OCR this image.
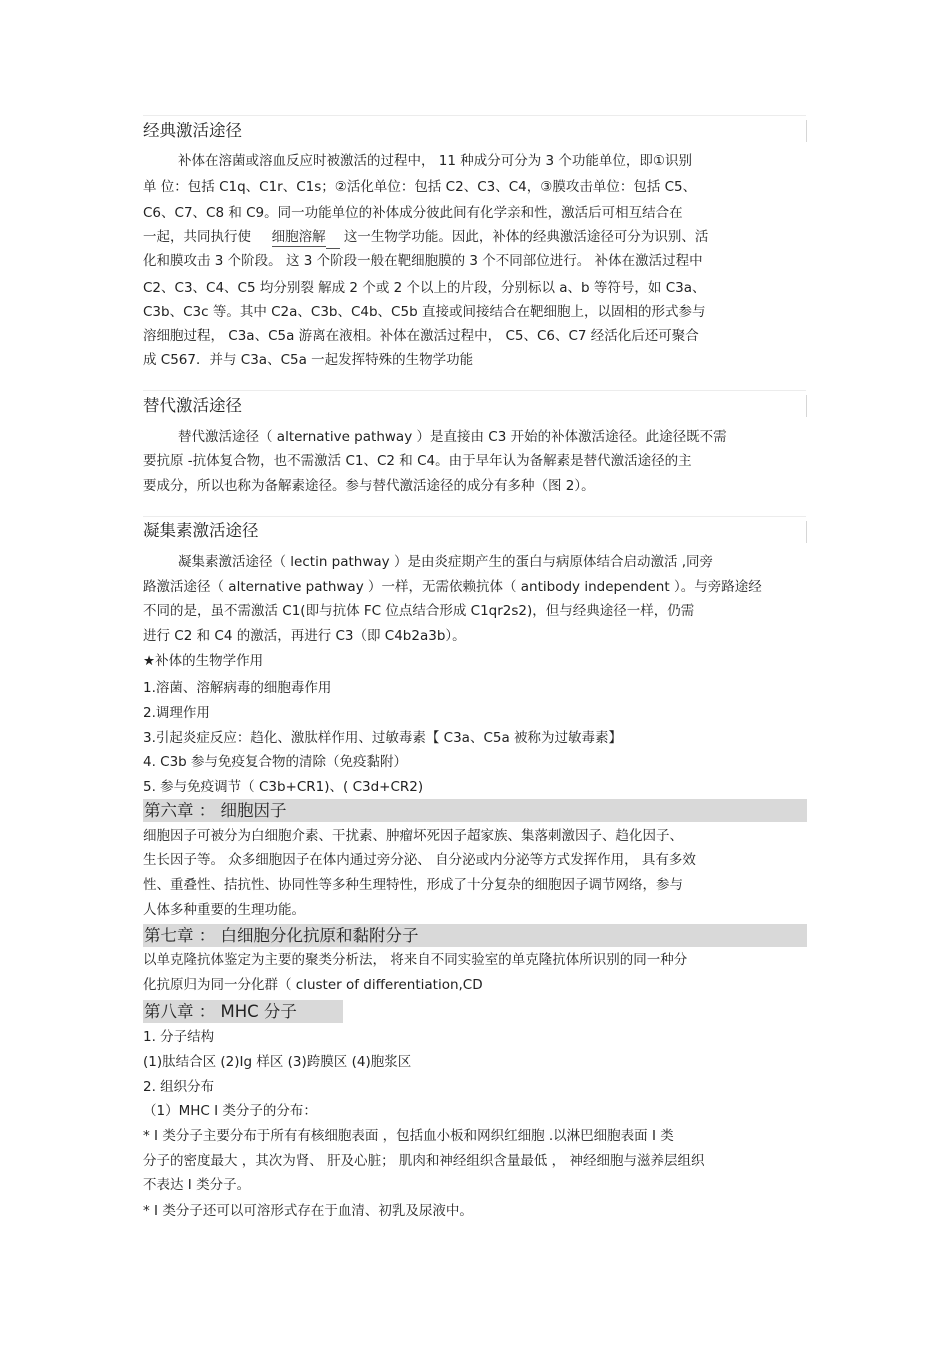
经典激活途径
补体在溶菌或溶血反应时被激活的过程中， 11 种成分可分为 3 个功能单位，即①识别
单 位：包括 C1q、C1r、C1s；②活化单位：包括 C2、C3、C4，③膜攻击单位：包括 C5、
C6、C7、C8 和 C9。同一功能单位的补体成分彼此间有化学亲和性，激活后可相互结合在
一起，共同执行使 细胞溶解 这一生物学功能。因此，补体的经典激活途径可分为识别、活
化和膜攻击 3 个阶段。 这 3 个阶段一般在靶细胞膜的 3 个不同部位进行。 补体在激活过程中
C2、C3、C4、C5 均分别裂 解成 2 个或 2 个以上的片段，分别标以 a、b 等符号，如 C3a、
C3b、C3c 等。其中 C2a、C3b、C4b、C5b 直接或间接结合在靶细胞上，以固相的形式参与
溶细胞过程， C3a、C5a 游离在液相。补体在激活过程中， C5、C6、C7 经活化后还可聚合
成 C567．并与 C3a、C5a 一起发挥特殊的生物学功能
替代激活途径
替代激活途径（ alternative pathway ）是直接由 C3 开始的补体激活途径。此途径既不需
要抗原 -抗体复合物，也不需激活 C1、C2 和 C4。由于早年认为备解素是替代激活途径的主
要成分，所以也称为备解素途径。参与替代激活途径的成分有多种（图 2）。
凝集素激活途径
凝集素激活途径（ lectin pathway ）是由炎症期产生的蛋白与病原体结合启动激活 ,同旁
路激活途径（ alternative pathway ）一样，无需依赖抗体（ antibody independent ）。与旁路途经
不同的是，虽不需激活 C1(即与抗体 FC 位点结合形成 C1qr2s2)，但与经典途径一样，仍需
进行 C2 和 C4 的激活，再进行 C3（即 C4b2a3b）。
★补体的生物学作用
1.溶菌、溶解病毒的细胞毒作用
2.调理作用
3.引起炎症反应：趋化、激肽样作用、过敏毒素【 C3a、C5a 被称为过敏毒素】
4. C3b 参与免疫复合物的清除（免疫黏附）
5. 参与免疫调节（ C3b+CR1)、( C3d+CR2)
第六章 ： 细胞因子
细胞因子可被分为白细胞介素、干扰素、肿瘤坏死因子超家族、集落刺激因子、趋化因子、
生长因子等。 众多细胞因子在体内通过旁分泌、 自分泌或内分泌等方式发挥作用， 具有多效
性、重叠性、拮抗性、协同性等多种生理特性，形成了十分复杂的细胞因子调节网络，参与
人体多种重要的生理功能。
第七章 ： 白细胞分化抗原和黏附分子
以单克隆抗体鉴定为主要的聚类分析法， 将来自不同实验室的单克隆抗体所识别的同一种分
化抗原归为同一分化群（ cluster of differentiation,CD
第八章 ： MHC 分子
1. 分子结构
(1)肽结合区 (2)Ig 样区 (3)跨膜区 (4)胞浆区
2. 组织分布
（1）MHC Ⅰ 类分子的分布：
* Ⅰ 类分子主要分布于所有有核细胞表面 ，包括血小板和网织红细胞 .以淋巴细胞表面 Ⅰ 类
分子的密度最大 ，其次为肾、 肝及心脏； 肌肉和神经组织含量最低 ， 神经细胞与滋养层组织
不表达 Ⅰ 类分子。
* Ⅰ 类分子还可以可溶形式存在于血清、初乳及尿液中。
